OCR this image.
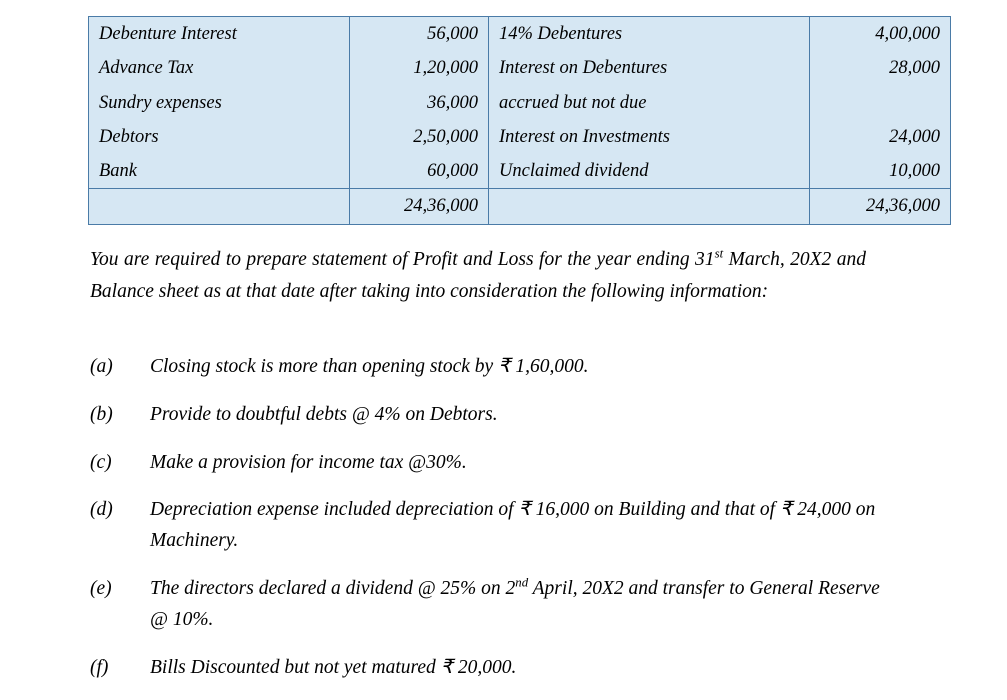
Debenture Interest	56,000	14% Debentures	4,00,000
Advance Tax	1,20,000	Interest on Debentures	28,000
Sundry expenses	36,000	accrued but not due	
Debtors	2,50,000	Interest on Investments	24,000
Bank	60,000	Unclaimed dividend	10,000
	24,36,000		24,36,000
You are required to prepare statement of Profit and Loss for the year ending 31st March, 20X2 and Balance sheet as at that date after taking into consideration the following information:
(a)	Closing stock is more than opening stock by ₹ 1,60,000.
(b)	Provide to doubtful debts @ 4% on Debtors.
(c)	Make a provision for income tax @30%.
(d)	Depreciation expense included depreciation of ₹ 16,000 on Building and that of ₹ 24,000 on Machinery.
(e)	The directors declared a dividend @ 25% on 2nd April, 20X2 and transfer to General Reserve @ 10%.
(f)	Bills Discounted but not yet matured ₹ 20,000.
